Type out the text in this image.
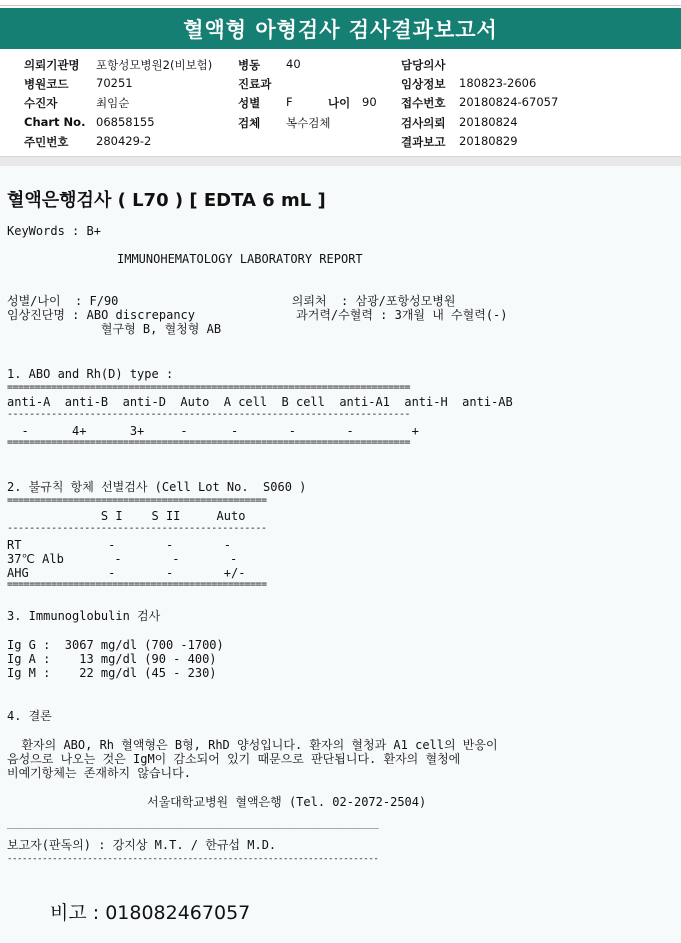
혈액형 아형검사 검사결과보고서
의뢰기관명 포항성모병원2(비보험) 병동 40	담당의사
병원코드 70251	진료과	임상정보 180823-2606
수진자	최임순	성별 F	나이 90 접수번호 20180824-67057
Chart No. 06858155	검체 복수검체	검사의뢰 20180824
주민번호 280429-2	결과보고 20180829
혈액은행검사 ( L70 ) [ EDTA 6 mL ]
KeyWords : B+
IMMUNOHEMATOLOGY LABORATORY REPORT
성별/나이  : F/90                        의뢰처  : 삼광/포항성모병원
임상진단명 : ABO discrepancy              과거력/수혈력 : 3개월 내 수혈력(-)
혈구형 B, 혈청형 AB
1. ABO and Rh(D) type :
=========================================================================
anti-A  anti-B  anti-D  Auto  A cell  B cell  anti-A1  anti-H  anti-AB
-------------------------------------------------------------------------
-      4+      3+     -      -       -       -        +
=========================================================================
2. 불규칙 항체 선별검사 (Cell Lot No.  S060 )
===============================================
S I    S II     Auto
-----------------------------------------------
RT            -       -       -
37℃ Alb       -       -       -
AHG           -       -       +/-
===============================================
3. Immunoglobulin 검사
Ig G :  3067 mg/dl (700 -1700)
Ig A :    13 mg/dl (90 - 400)
Ig M :    22 mg/dl (45 - 230)
4. 결론
환자의 ABO, Rh 혈액형은 B형, RhD 양성입니다. 환자의 혈청과 A1 cell의 반응이
음성으로 나오는 것은 IgM이 감소되어 있기 때문으로 판단됩니다. 환자의 혈청에
비예기항체는 존재하지 않습니다.
서울대학교병원 혈액은행 (Tel. 02-2072-2504)
__________________________________________________________________________
보고자(판독의) : 강지상 M.T. / 한규섭 M.D.
--------------------------------------------------------------------------
비고 : 018082467057
